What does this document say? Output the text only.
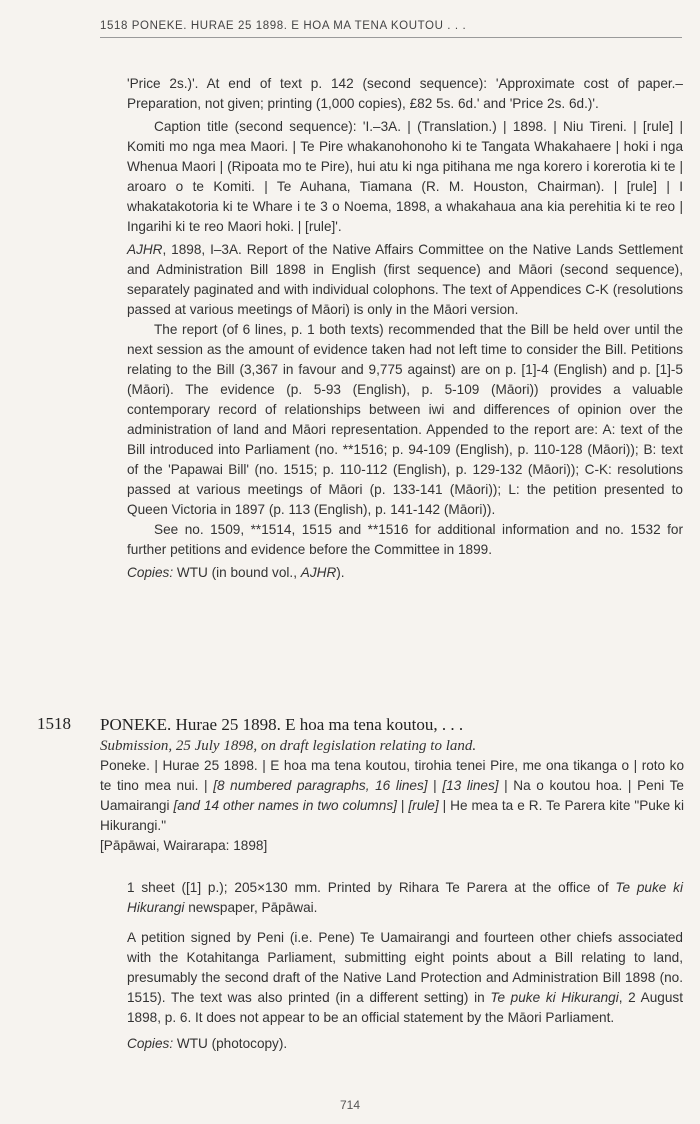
1518 PONEKE. HURAE 25 1898. E HOA MA TENA KOUTOU . . .

'Price 2s.)'. At end of text p. 142 (second sequence): 'Approximate cost of paper.–Preparation, not given; printing (1,000 copies), £82 5s. 6d.' and 'Price 2s. 6d.)'.

Caption title (second sequence): 'I.–3A. | (Translation.) | 1898. | Niu Tireni. | [rule] | Komiti mo nga mea Maori. | Te Pire whakanohonoho ki te Tangata Whakahaere | hoki i nga Whenua Maori | (Ripoata mo te Pire), hui atu ki nga pitihana me nga korero i korerotia ki te | aroaro o te Komiti. | Te Auhana, Tiamana (R. M. Houston, Chairman). | [rule] | I whakatakotoria ki te Whare i te 3 o Noema, 1898, a whakahaua ana kia perehitia ki te reo | Ingarihi ki te reo Maori hoki. | [rule]'.

AJHR, 1898, I–3A. Report of the Native Affairs Committee on the Native Lands Settlement and Administration Bill 1898 in English (first sequence) and Māori (second sequence), separately paginated and with individual colophons. The text of Appendices C-K (resolutions passed at various meetings of Māori) is only in the Māori version.

The report (of 6 lines, p. 1 both texts) recommended that the Bill be held over until the next session as the amount of evidence taken had not left time to consider the Bill. Petitions relating to the Bill (3,367 in favour and 9,775 against) are on p. [1]-4 (English) and p. [1]-5 (Māori). The evidence (p. 5-93 (English), p. 5-109 (Māori)) provides a valuable contemporary record of relationships between iwi and differences of opinion over the administration of land and Māori representation. Appended to the report are: A: text of the Bill introduced into Parliament (no. **1516; p. 94-109 (English), p. 110-128 (Māori)); B: text of the 'Papawai Bill' (no. 1515; p. 110-112 (English), p. 129-132 (Māori)); C-K: resolutions passed at various meetings of Māori (p. 133-141 (Māori)); L: the petition presented to Queen Victoria in 1897 (p. 113 (English), p. 141-142 (Māori)).

See no. 1509, **1514, 1515 and **1516 for additional information and no. 1532 for further petitions and evidence before the Committee in 1899.

Copies: WTU (in bound vol., AJHR).

1518 PONEKE. Hurae 25 1898. E hoa ma tena koutou, . . .
Submission, 25 July 1898, on draft legislation relating to land.
Poneke. | Hurae 25 1898. | E hoa ma tena koutou, tirohia tenei Pire, me ona tikanga o | roto ko te tino mea nui. | [8 numbered paragraphs, 16 lines] | [13 lines] | Na o koutou hoa. | Peni Te Uamairangi [and 14 other names in two columns] | [rule] | He mea ta e R. Te Parera kite "Puke ki Hikurangi."
[Pāpāwai, Wairarapa: 1898]

1 sheet ([1] p.); 205×130 mm. Printed by Rihara Te Parera at the office of Te puke ki Hikurangi newspaper, Pāpāwai.

A petition signed by Peni (i.e. Pene) Te Uamairangi and fourteen other chiefs associated with the Kotahitanga Parliament, submitting eight points about a Bill relating to land, presumably the second draft of the Native Land Protection and Administration Bill 1898 (no. 1515). The text was also printed (in a different setting) in Te puke ki Hikurangi, 2 August 1898, p. 6. It does not appear to be an official statement by the Māori Parliament.

Copies: WTU (photocopy).

714
